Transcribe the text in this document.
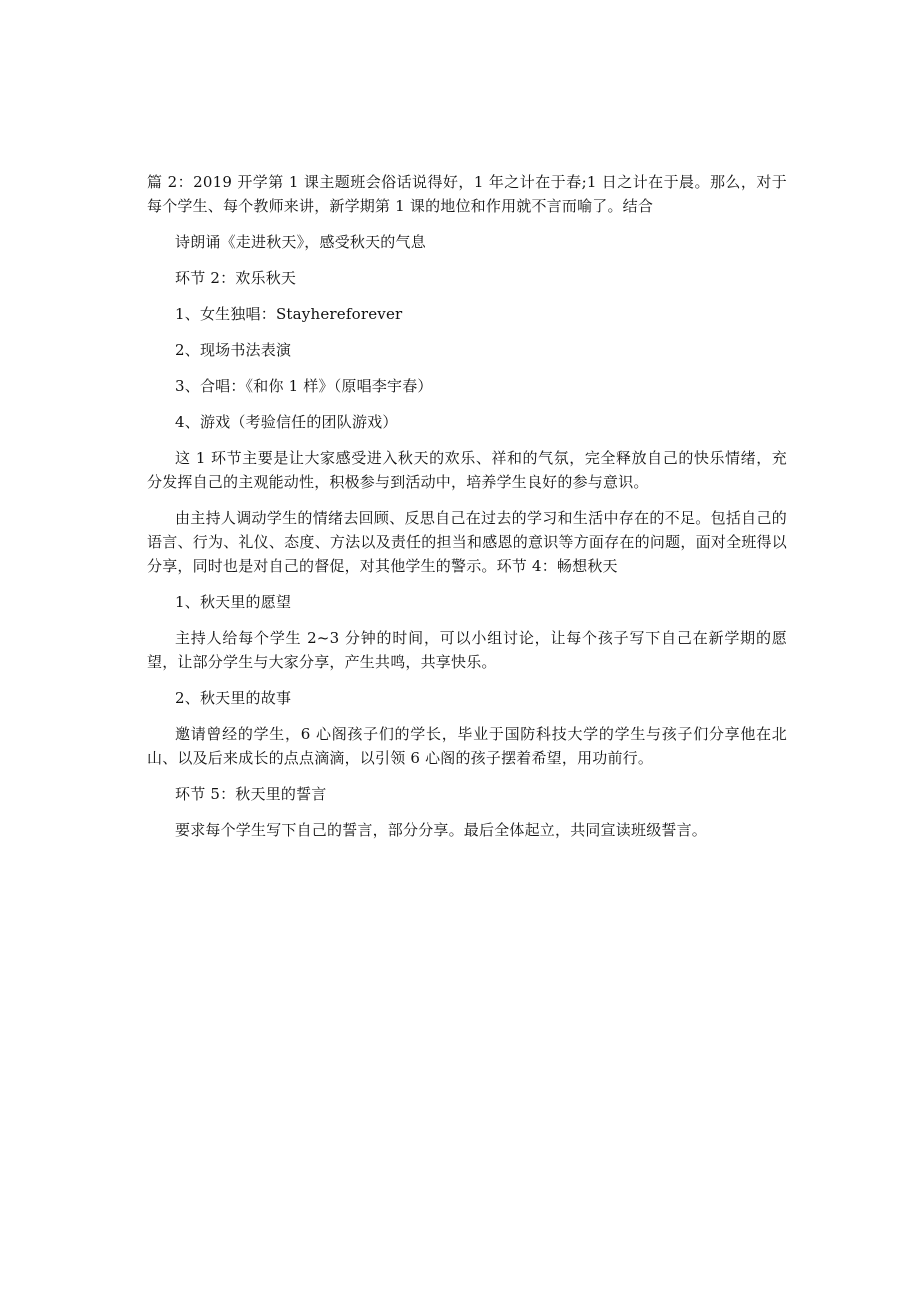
篇 2：2019 开学第 1 课主题班会俗话说得好，1 年之计在于春;1 日之计在于晨。那么，对于每个学生、每个教师来讲，新学期第 1 课的地位和作用就不言而喻了。结合

诗朗诵《走进秋天》，感受秋天的气息

环节 2：欢乐秋天

1、女生独唱：Stayhereforever

2、现场书法表演

3、合唱：《和你 1 样》（原唱李宇春）

4、游戏（考验信任的团队游戏）

这 1 环节主要是让大家感受进入秋天的欢乐、祥和的气氛，完全释放自己的快乐情绪，充分发挥自己的主观能动性，积极参与到活动中，培养学生良好的参与意识。

由主持人调动学生的情绪去回顾、反思自己在过去的学习和生活中存在的不足。包括自己的语言、行为、礼仪、态度、方法以及责任的担当和感恩的意识等方面存在的问题，面对全班得以分享，同时也是对自己的督促，对其他学生的警示。环节 4：畅想秋天

1、秋天里的愿望

主持人给每个学生 2~3 分钟的时间，可以小组讨论，让每个孩子写下自己在新学期的愿望，让部分学生与大家分享，产生共鸣，共享快乐。

2、秋天里的故事

邀请曾经的学生，6 心阁孩子们的学长，毕业于国防科技大学的学生与孩子们分享他在北山、以及后来成长的点点滴滴，以引领 6 心阁的孩子摆着希望，用功前行。

环节 5：秋天里的誓言

要求每个学生写下自己的誓言，部分分享。最后全体起立，共同宣读班级誓言。
